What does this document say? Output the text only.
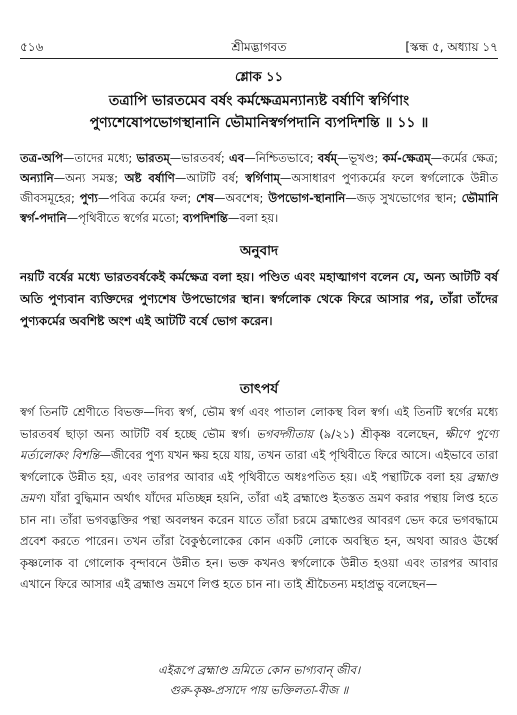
৫১৬	শ্রীমদ্ভাগবত	[স্কন্ধ ৫, অধ্যায় ১৭
শ্লোক ১১
তত্রাপি ভারতমেব বর্ষং কর্মক্ষেত্রমন্যান্যষ্ট বর্ষাণি স্বর্গিণাং
পুণ্যশেষোপভোগস্থানানি ভৌমানিস্বর্গপদানি ব্যপদিশন্তি ॥ ১১ ॥
তত্র-অপি—তাদের মধ্যে; ভারতম্—ভারতবর্ষ; এব—নিশ্চিতভাবে; বর্ষম্—ভূখণ্ড; কর্ম-ক্ষেত্রম্—কর্মের ক্ষেত্র; অন্যানি—অন্য সমস্ত; অষ্ট বর্ষাণি—আটটি বর্ষ; স্বর্গিণাম্—অসাধারণ পুণ্যকর্মের ফলে স্বর্গলোকে উন্নীত জীবসমূহের; পুণ্য—পবিত্র কর্মের ফল; শেষ—অবশেষ; উপভোগ-স্থানানি—জড় সুখভোগের স্থান; ভৌমানি স্বর্গ-পদানি—পৃথিবীতে স্বর্গের মতো; ব্যপদিশন্তি—বলা হয়।
অনুবাদ
নয়টি বর্ষের মধ্যে ভারতবর্ষকেই কর্মক্ষেত্র বলা হয়। পণ্ডিত এবং মহাত্মাগণ বলেন যে, অন্য আটটি বর্ষ অতি পুণ্যবান ব্যক্তিদের পুণ্যশেষ উপভোগের স্থান। স্বর্গলোক থেকে ফিরে আসার পর, তাঁরা তাঁদের পুণ্যকর্মের অবশিষ্ট অংশ এই আটটি বর্ষে ভোগ করেন।
তাৎপর্য
স্বর্গ তিনটি শ্রেণীতে বিভক্ত—দিব্য স্বর্গ, ভৌম স্বর্গ এবং পাতাল লোকস্থ বিল স্বর্গ। এই তিনটি স্বর্গের মধ্যে ভারতবর্ষ ছাড়া অন্য আটটি বর্ষ হচ্ছে ভৌম স্বর্গ। ভগবদ্গীতায় (৯/২১) শ্রীকৃষ্ণ বলেছেন, ক্ষীণে পুণ্যে মর্ত্যলোকং বিশন্তি—জীবের পুণ্য যখন ক্ষয় হয়ে যায়, তখন তারা এই পৃথিবীতে ফিরে আসে। এইভাবে তারা স্বর্গলোকে উন্নীত হয়, এবং তারপর আবার এই পৃথিবীতে অধঃপতিত হয়। এই পন্থাটিকে বলা হয় ব্রহ্মাণ্ড ভ্রমণ। যাঁরা বুদ্ধিমান অর্থাৎ যাঁদের মতিচ্ছন্ন হয়নি, তাঁরা এই ব্রহ্মাণ্ডে ইতস্তত ভ্রমণ করার পন্থায় লিপ্ত হতে চান না। তাঁরা ভগবদ্ভক্তির পন্থা অবলম্বন করেন যাতে তাঁরা চরমে ব্রহ্মাণ্ডের আবরণ ভেদ করে ভগবদ্ধামে প্রবেশ করতে পারেন। তখন তাঁরা বৈকুণ্ঠলোকের কোন একটি লোকে অবস্থিত হন, অথবা আরও ঊর্ধ্বে কৃষ্ণলোক বা গোলোক বৃন্দাবনে উন্নীত হন। ভক্ত কখনও স্বর্গলোকে উন্নীত হওয়া এবং তারপর আবার এখানে ফিরে আসার এই ব্রহ্মাণ্ড ভ্রমণে লিপ্ত হতে চান না। তাই শ্রীচৈতন্য মহাপ্রভু বলেছেন—
এইরূপে ব্রহ্মাণ্ড ভ্রমিতে কোন ভাগ্যবান্ জীব।
গুরু-কৃষ্ণ-প্রসাদে পায় ভক্তিলতা-বীজ ॥
